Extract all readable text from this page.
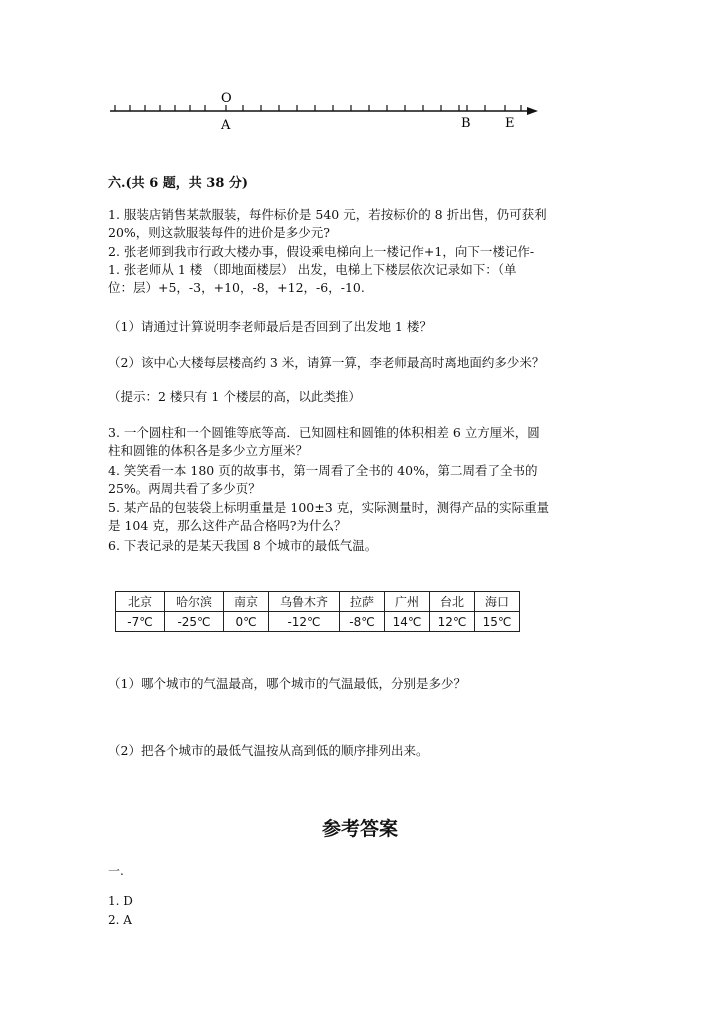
O
A	B	E
六.(共 6 题，共 38 分)
1. 服装店销售某款服装，每件标价是 540 元，若按标价的 8 折出售，仍可获利
20%，则这款服装每件的进价是多少元?
2. 张老师到我市行政大楼办事，假设乘电梯向上一楼记作+1，向下一楼记作-
1. 张老师从 1 楼 （即地面楼层） 出发，电梯上下楼层依次记录如下：（单
位：层）+5，-3，+10，-8，+12，-6，-10.
（1）请通过计算说明李老师最后是否回到了出发地 1 楼？
（2）该中心大楼每层楼高约 3 米，请算一算，李老师最高时离地面约多少米？
（提示：2 楼只有 1 个楼层的高，以此类推）
3. 一个圆柱和一个圆锥等底等高．已知圆柱和圆锥的体积相差 6 立方厘米，圆
柱和圆锥的体积各是多少立方厘米？
4. 笑笑看一本 180 页的故事书，第一周看了全书的 40%，第二周看了全书的
25%。两周共看了多少页？
5. 某产品的包装袋上标明重量是 100±3 克，实际测量时，测得产品的实际重量
是 104 克，那么这件产品合格吗?为什么？
6. 下表记录的是某天我国 8 个城市的最低气温。
北京	哈尔滨	南京	乌鲁木齐	拉萨	广州	台北	海口
-7℃	-25℃	0℃	-12℃	-8℃	14℃	12℃	15℃
（1）哪个城市的气温最高，哪个城市的气温最低，分别是多少？
（2）把各个城市的最低气温按从高到低的顺序排列出来。
参考答案
一.
1. D
2. A
